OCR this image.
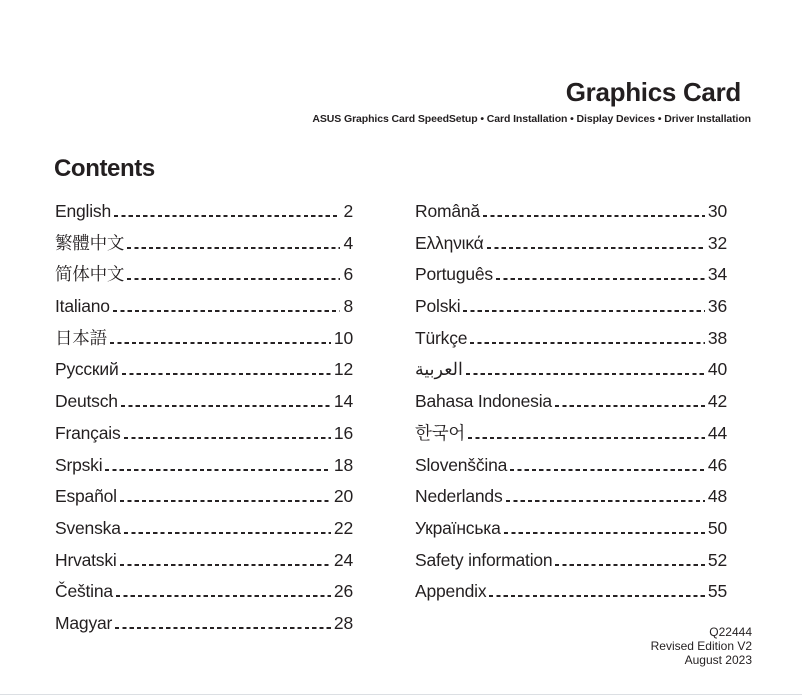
Graphics Card
ASUS Graphics Card SpeedSetup • Card Installation • Display Devices • Driver Installation
Contents
English	2
繁體中文	4
简体中文	6
Italiano	8
日本語	10
Русский	12
Deutsch	14
Français	16
Srpski	18
Español	20
Svenska	22
Hrvatski	24
Čeština	26
Magyar	28
Română	30
Ελληνικά	32
Português	34
Polski	36
Türkçe	38
العربية	40
Bahasa Indonesia	42
한국어	44
Slovenščina	46
Nederlands	48
Українська	50
Safety information	52
Appendix	55
Q22444
Revised Edition V2
August 2023
